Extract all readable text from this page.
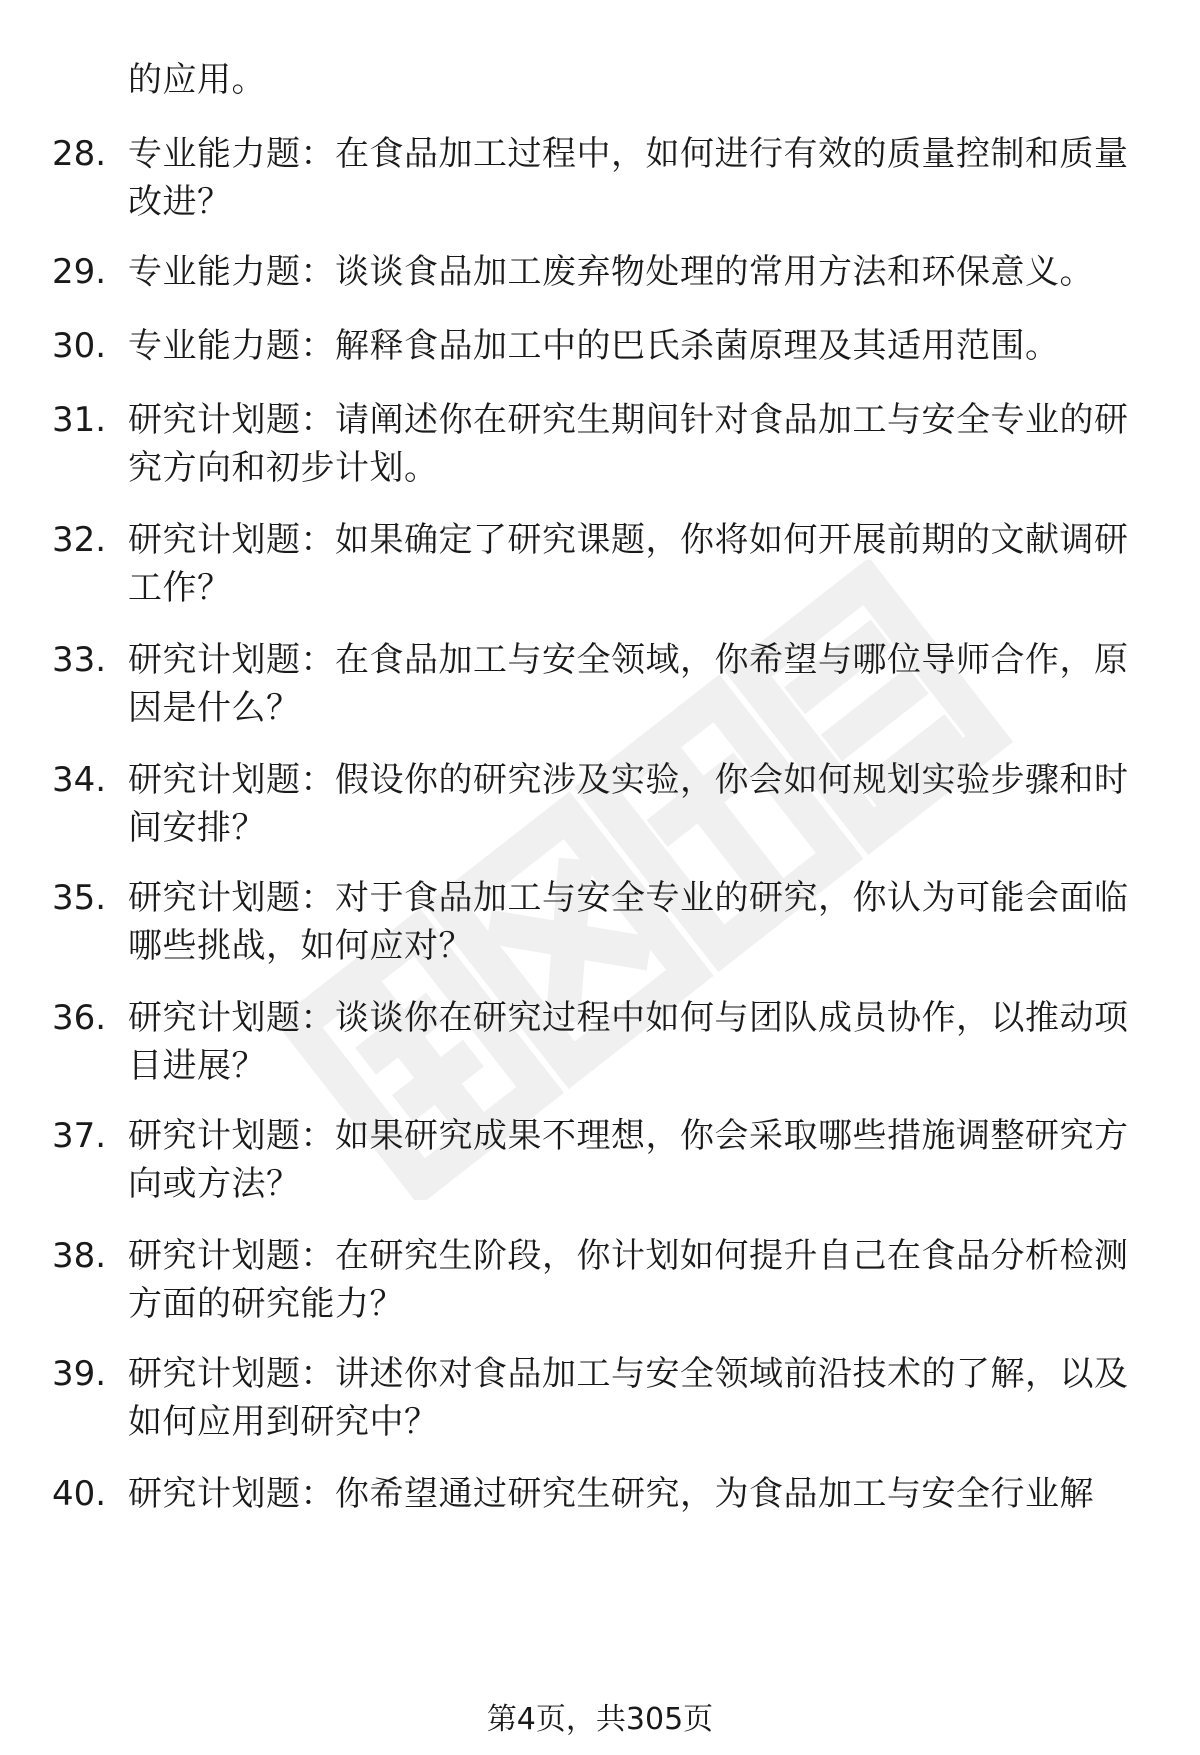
的应用。
28. 专业能力题：在食品加工过程中，如何进行有效的质量控制和质量改进？
29. 专业能力题：谈谈食品加工废弃物处理的常用方法和环保意义。
30. 专业能力题：解释食品加工中的巴氏杀菌原理及其适用范围。
31. 研究计划题：请阐述你在研究生期间针对食品加工与安全专业的研究方向和初步计划。
32. 研究计划题：如果确定了研究课题，你将如何开展前期的文献调研工作？
33. 研究计划题：在食品加工与安全领域，你希望与哪位导师合作，原因是什么？
34. 研究计划题：假设你的研究涉及实验，你会如何规划实验步骤和时间安排？
35. 研究计划题：对于食品加工与安全专业的研究，你认为可能会面临哪些挑战，如何应对？
36. 研究计划题：谈谈你在研究过程中如何与团队成员协作，以推动项目进展？
37. 研究计划题：如果研究成果不理想，你会采取哪些措施调整研究方向或方法？
38. 研究计划题：在研究生阶段，你计划如何提升自己在食品分析检测方面的研究能力？
39. 研究计划题：讲述你对食品加工与安全领域前沿技术的了解，以及如何应用到研究中？
40. 研究计划题：你希望通过研究生研究，为食品加工与安全行业解
第4页，共305页
